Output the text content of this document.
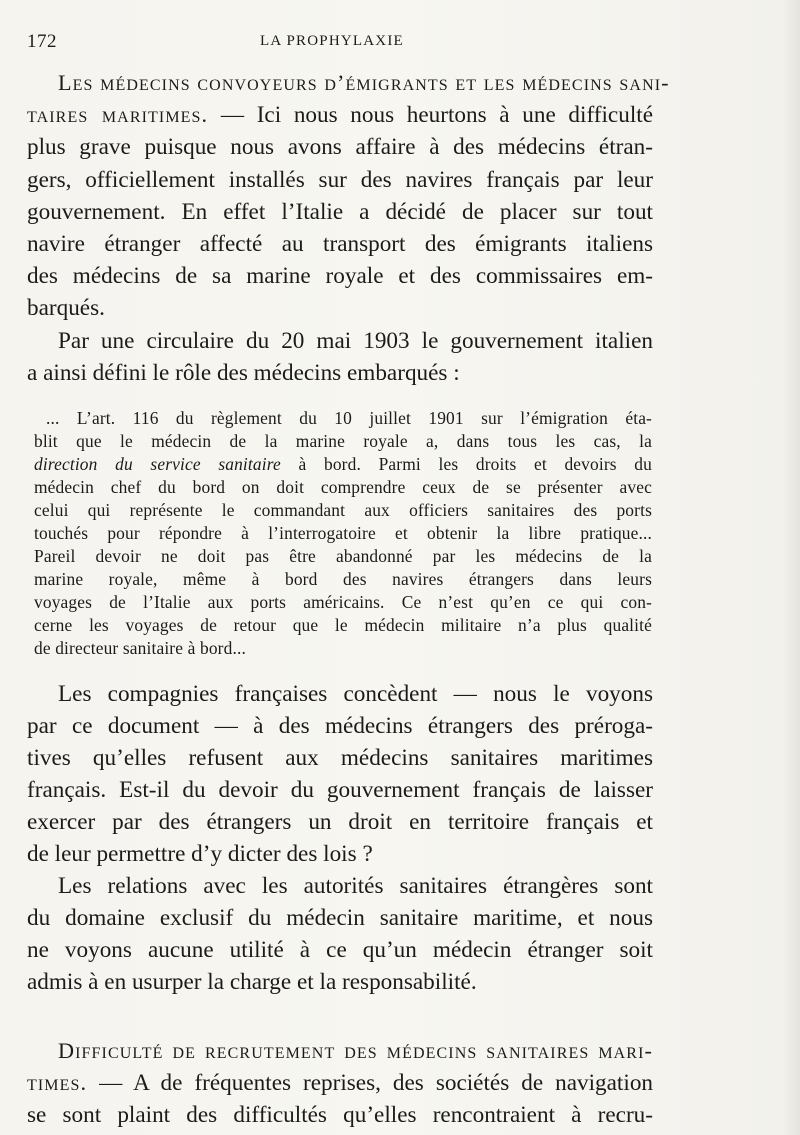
172	LA PROPHYLAXIE
Les médecins convoyeurs d’émigrants et les médecins sani-
taires maritimes. — Ici nous nous heurtons à une difficulté
plus grave puisque nous avons affaire à des médecins étran-
gers, officiellement installés sur des navires français par leur
gouvernement. En effet l’Italie a décidé de placer sur tout
navire étranger affecté au transport des émigrants italiens
des médecins de sa marine royale et des commissaires em-
barqués.
Par une circulaire du 20 mai 1903 le gouvernement italien
a ainsi défini le rôle des médecins embarqués :
... L’art. 116 du règlement du 10 juillet 1901 sur l’émigration éta-
blit que le médecin de la marine royale a, dans tous les cas, la
direction du service sanitaire à bord. Parmi les droits et devoirs du
médecin chef du bord on doit comprendre ceux de se présenter avec
celui qui représente le commandant aux officiers sanitaires des ports
touchés pour répondre à l’interrogatoire et obtenir la libre pratique...
Pareil devoir ne doit pas être abandonné par les médecins de la
marine royale, même à bord des navires étrangers dans leurs
voyages de l’Italie aux ports américains. Ce n’est qu’en ce qui con-
cerne les voyages de retour que le médecin militaire n’a plus qualité
de directeur sanitaire à bord...
Les compagnies françaises concèdent — nous le voyons
par ce document — à des médecins étrangers des préroga-
tives qu’elles refusent aux médecins sanitaires maritimes
français. Est-il du devoir du gouvernement français de laisser
exercer par des étrangers un droit en territoire français et
de leur permettre d’y dicter des lois ?
Les relations avec les autorités sanitaires étrangères sont
du domaine exclusif du médecin sanitaire maritime, et nous
ne voyons aucune utilité à ce qu’un médecin étranger soit
admis à en usurper la charge et la responsabilité.
Difficulté de recrutement des médecins sanitaires mari-
times. — A de fréquentes reprises, des sociétés de navigation
se sont plaint des difficultés qu’elles rencontraient à recru-
